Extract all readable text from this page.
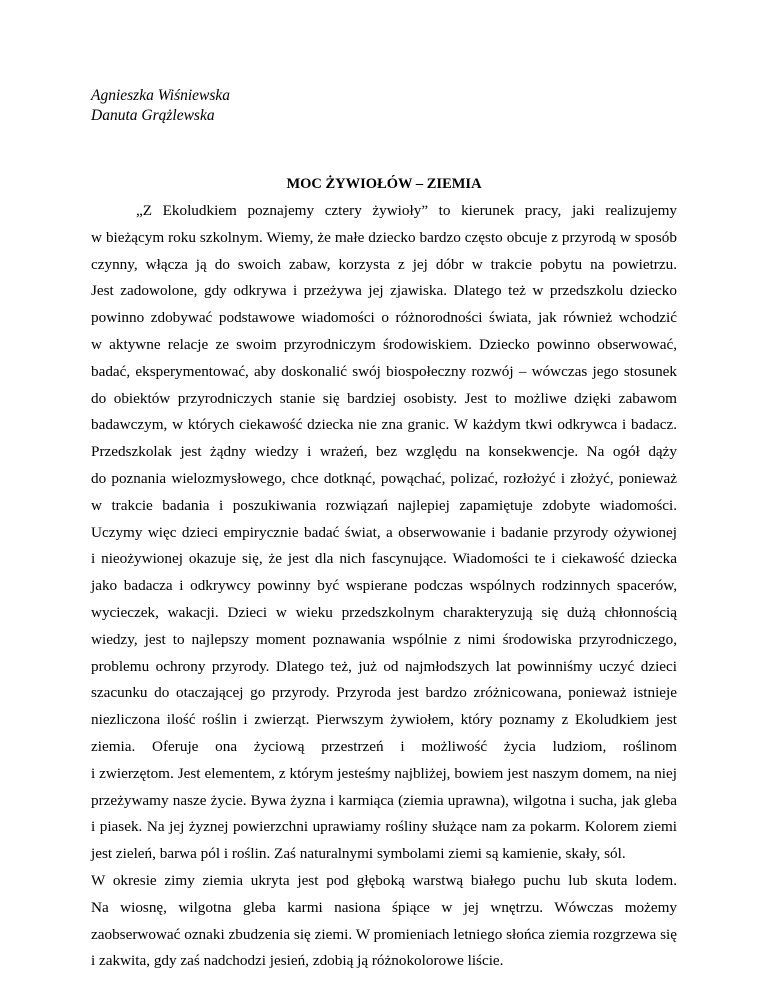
Agnieszka Wiśniewska
Danuta Grążlewska
MOC ŻYWIOŁÓW – ZIEMIA
„Z Ekoludkiem poznajemy cztery żywioły” to kierunek pracy, jaki realizujemy
w bieżącym roku szkolnym. Wiemy, że małe dziecko bardzo często obcuje z przyrodą w sposób
czynny, włącza ją do swoich zabaw, korzysta z jej dóbr w trakcie pobytu na powietrzu.
Jest zadowolone, gdy odkrywa i przeżywa jej zjawiska. Dlatego też w przedszkolu dziecko
powinno zdobywać podstawowe wiadomości o różnorodności świata, jak również wchodzić
w aktywne relacje ze swoim przyrodniczym środowiskiem. Dziecko powinno obserwować,
badać, eksperymentować, aby doskonalić swój biospołeczny rozwój – wówczas jego stosunek
do obiektów przyrodniczych stanie się bardziej osobisty. Jest to możliwe dzięki zabawom
badawczym, w których ciekawość dziecka nie zna granic. W każdym tkwi odkrywca i badacz.
Przedszkolak jest żądny wiedzy i wrażeń, bez względu na konsekwencje. Na ogół dąży
do poznania wielozmysłowego, chce dotknąć, powąchać, polizać, rozłożyć i złożyć, ponieważ
w trakcie badania i poszukiwania rozwiązań najlepiej zapamiętuje zdobyte wiadomości.
Uczymy więc dzieci empirycznie badać świat, a obserwowanie i badanie przyrody ożywionej
i nieożywionej okazuje się, że jest dla nich fascynujące. Wiadomości te i ciekawość dziecka
jako badacza i odkrywcy powinny być wspierane podczas wspólnych rodzinnych spacerów,
wycieczek, wakacji. Dzieci w wieku przedszkolnym charakteryzują się dużą chłonnością
wiedzy, jest to najlepszy moment poznawania wspólnie z nimi środowiska przyrodniczego,
problemu ochrony przyrody. Dlatego też, już od najmłodszych lat powinniśmy uczyć dzieci
szacunku do otaczającej go przyrody. Przyroda jest bardzo zróżnicowana, ponieważ istnieje
niezliczona ilość roślin i zwierząt. Pierwszym żywiołem, który poznamy z Ekoludkiem jest
ziemia. Oferuje ona życiową przestrzeń i możliwość życia ludziom, roślinom
i zwierzętom. Jest elementem, z którym jesteśmy najbliżej, bowiem jest naszym domem, na niej
przeżywamy nasze życie. Bywa żyzna i karmiąca (ziemia uprawna), wilgotna i sucha, jak gleba
i piasek. Na jej żyznej powierzchni uprawiamy rośliny służące nam za pokarm. Kolorem ziemi
jest zieleń, barwa pól i roślin. Zaś naturalnymi symbolami ziemi są kamienie, skały, sól.
W okresie zimy ziemia ukryta jest pod głęboką warstwą białego puchu lub skuta lodem.
Na wiosnę, wilgotna gleba karmi nasiona śpiące w jej wnętrzu. Wówczas możemy
zaobserwować oznaki zbudzenia się ziemi. W promieniach letniego słońca ziemia rozgrzewa się
i zakwita, gdy zaś nadchodzi jesień, zdobią ją różnokolorowe liście.
